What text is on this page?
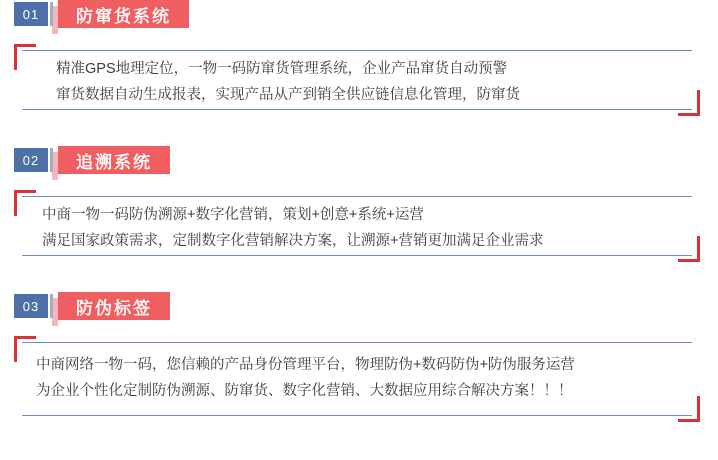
01	防窜货系统
精准GPS地理定位，一物一码防窜货管理系统，企业产品窜货自动预警
窜货数据自动生成报表，实现产品从产到销全供应链信息化管理，防窜货
02	追溯系统
中商一物一码防伪溯源+数字化营销，策划+创意+系统+运营
满足国家政策需求，定制数字化营销解决方案，让溯源+营销更加满足企业需求
03	防伪标签
中商网络一物一码，您信赖的产品身份管理平台，物理防伪+数码防伪+防伪服务运营
为企业个性化定制防伪溯源、防窜货、数字化营销、大数据应用综合解决方案！！！
